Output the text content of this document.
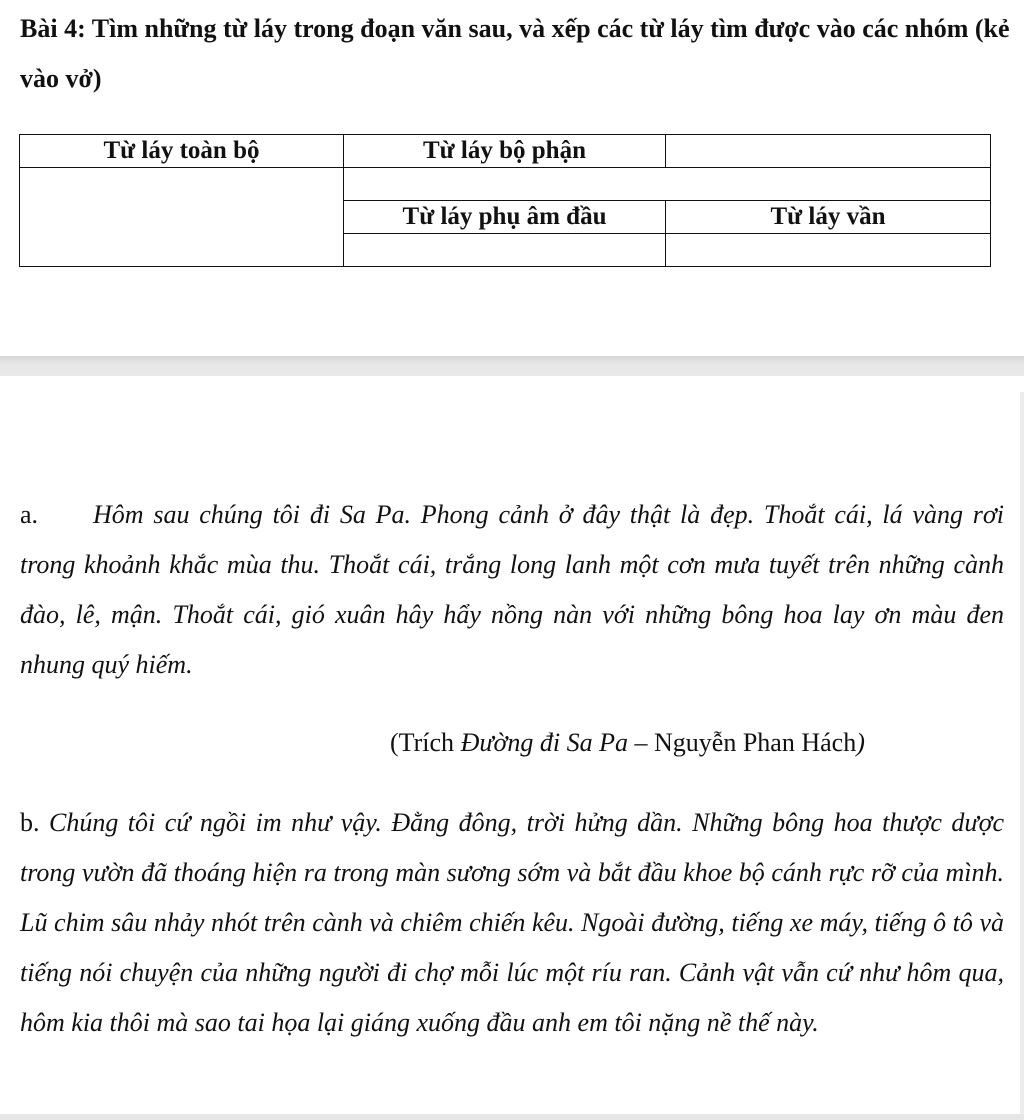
Bài 4: Tìm những từ láy trong đoạn văn sau, và xếp các từ láy tìm được vào các nhóm (kẻ vào vở)
Từ láy toàn bộ	Từ láy bộ phận	

	Từ láy phụ âm đầu	Từ láy vần

a. Hôm sau chúng tôi đi Sa Pa. Phong cảnh ở đây thật là đẹp. Thoắt cái, lá vàng rơi trong khoảnh khắc mùa thu. Thoắt cái, trắng long lanh một cơn mưa tuyết trên những cành đào, lê, mận. Thoắt cái, gió xuân hây hẩy nồng nàn với những bông hoa lay ơn màu đen nhung quý hiếm.
(Trích Đường đi Sa Pa – Nguyễn Phan Hách)
b. Chúng tôi cứ ngồi im như vậy. Đằng đông, trời hửng dần. Những bông hoa thược dược trong vườn đã thoáng hiện ra trong màn sương sớm và bắt đầu khoe bộ cánh rực rỡ của mình. Lũ chim sâu nhảy nhót trên cành và chiêm chiến kêu. Ngoài đường, tiếng xe máy, tiếng ô tô và tiếng nói chuyện của những người đi chợ mỗi lúc một ríu ran. Cảnh vật vẫn cứ như hôm qua, hôm kia thôi mà sao tai họa lại giáng xuống đầu anh em tôi nặng nề thế này.
